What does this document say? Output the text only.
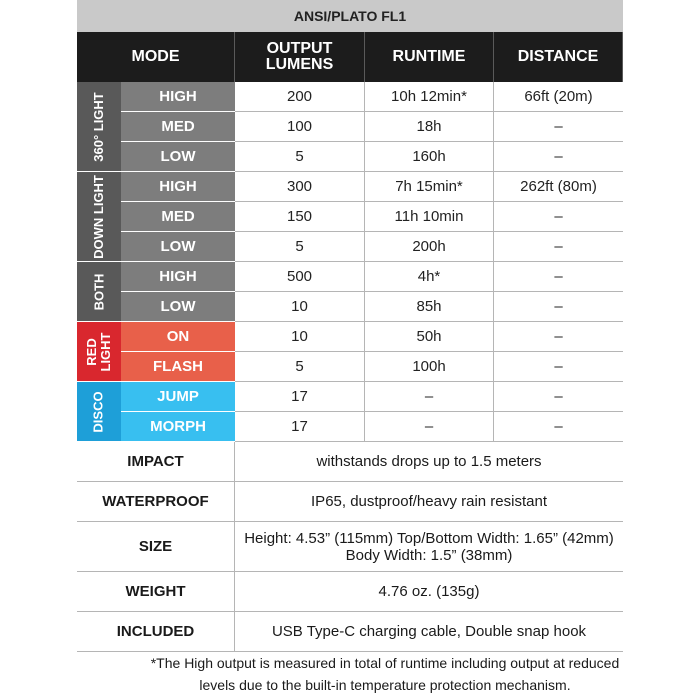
ANSI/PLATO FL1
MODE	OUTPUT LUMENS	RUNTIME	DISTANCE
360° LIGHT	HIGH	200	10h 12min*	66ft (20m)
MED	100	18h	–
LOW	5	160h	–
DOWN LIGHT	HIGH	300	7h 15min*	262ft (80m)
MED	150	11h 10min	–
LOW	5	200h	–
BOTH	HIGH	500	4h*	–
LOW	10	85h	–
RED LIGHT	ON	10	50h	–
FLASH	5	100h	–
DISCO	JUMP	17	–	–
MORPH	17	–	–
IMPACT	withstands drops up to 1.5 meters
WATERPROOF	IP65, dustproof/heavy rain resistant
SIZE	Height: 4.53” (115mm) Top/Bottom Width: 1.65” (42mm) Body Width: 1.5” (38mm)
WEIGHT	4.76 oz. (135g)
INCLUDED	USB Type-C charging cable, Double snap hook
*The High output is measured in total of runtime including output at reduced levels due to the built-in temperature protection mechanism.
